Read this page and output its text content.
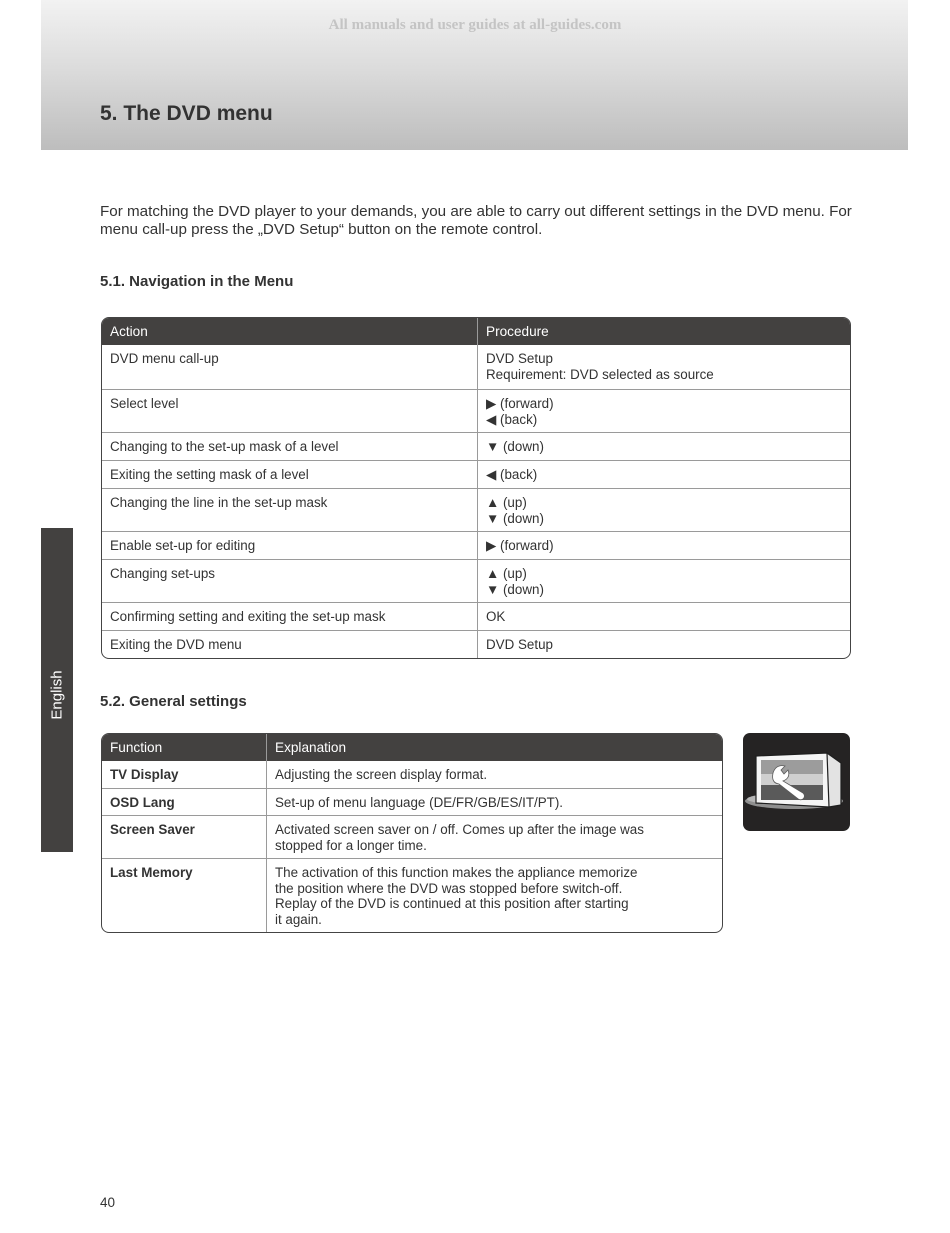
All manuals and user guides at all-guides.com
5. The DVD menu

For matching the DVD player to your demands, you are able to carry out different settings in the DVD menu. For menu call-up press the „DVD Setup“ button on the remote control.

5.1. Navigation in the Menu
Action	Procedure
DVD menu call-up	DVD Setup
Requirement: DVD selected as source

Select level	▶ (forward)
◀ (back)

Changing to the set-up mask of a level	▼ (down)

Exiting the setting mask of a level	◀ (back)

Changing the line in the set-up mask	▲ (up)
▼ (down)

Enable set-up for editing	▶ (forward)

Changing set-ups	▲ (up)
▼ (down)

Confirming setting and exiting the set-up mask	OK

Exiting the DVD menu	DVD Setup
5.2. General settings
Function	Explanation
TV Display	Adjusting the screen display format.

OSD Lang	Set-up of menu language (DE/FR/GB/ES/IT/PT).

Screen Saver	Activated screen saver on / off. Comes up after the image was
stopped for a longer time.

Last Memory	The activation of this function makes the appliance memorize
the position where the DVD was stopped before switch-off.
Replay of the DVD is continued at this position after starting
it again.
English
40
